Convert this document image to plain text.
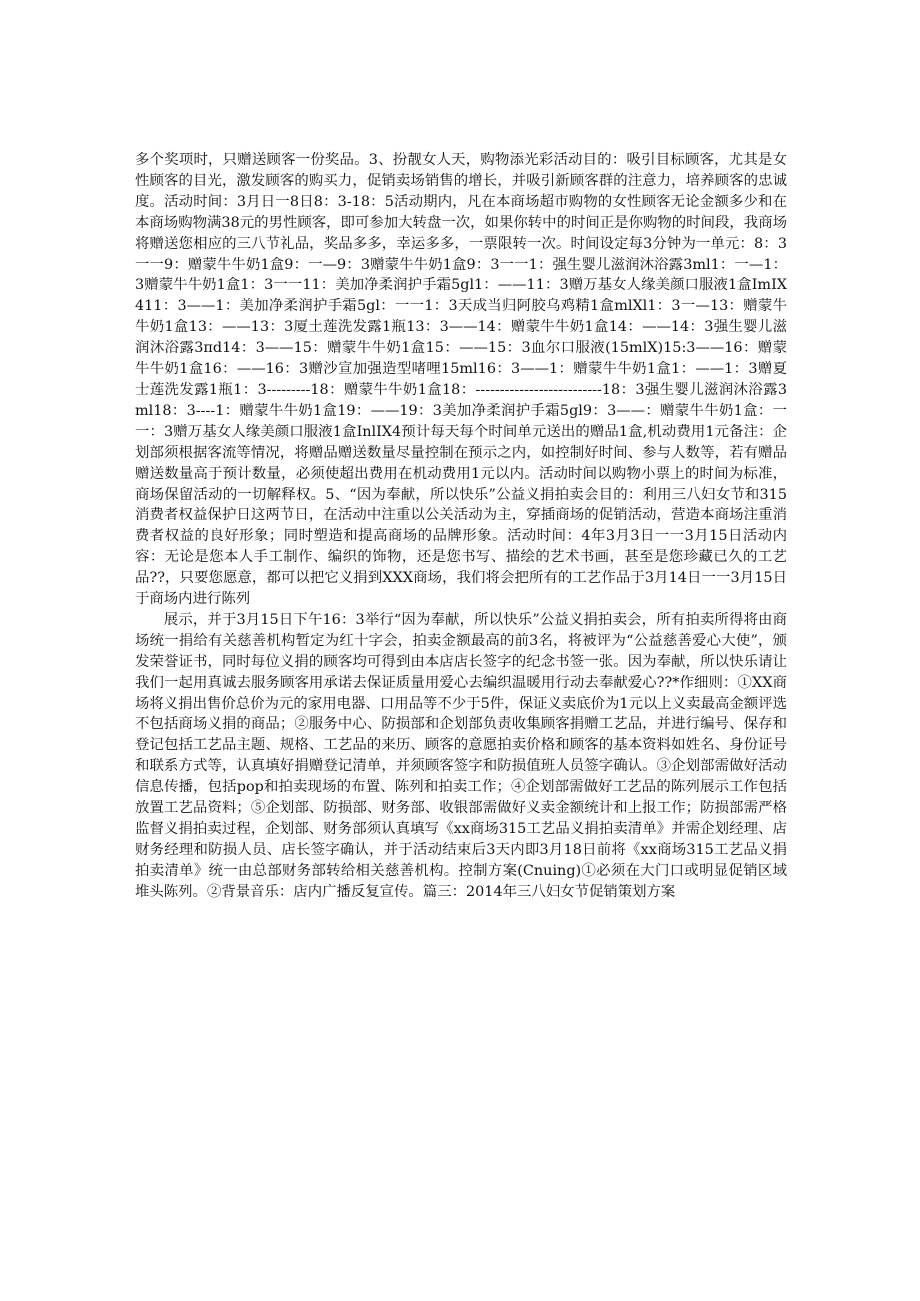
多个奖项时，只赠送顾客一份奖品。3、扮靓女人天，购物添光彩活动目的：吸引目标顾客，尤其是女性顾客的目光，激发顾客的购买力，促销卖场销售的增长，并吸引新顾客群的注意力，培养顾客的忠诚度。活动时间：3月日一8日8：3-18：5活动期内，凡在本商场超市购物的女性顾客无论金额多少和在本商场购物满38元的男性顾客，即可参加大转盘一次，如果你转中的时间正是你购物的时间段，我商场将赠送您相应的三八节礼品，奖品多多，幸运多多，一票限转一次。时间设定每3分钟为一单元：8：3一一9：赠蒙牛牛奶1盒9：一—9：3赠蒙牛牛奶1盒9：3一一1：强生婴儿滋润沐浴露3ml1：一—1：3赠蒙牛牛奶1盒1：3一一11：美加净柔润护手霜5gl1：——11：3赠万基女人缘美颜口服液1盒ImIX411：3——1：美加净柔润护手霜5gl：一一1：3天成当归阿胶乌鸡精1盒mlXl1：3一—13：赠蒙牛牛奶1盒13：——13：3厦土莲洗发露1瓶13：3——14：赠蒙牛牛奶1盒14：——14：3强生婴儿滋润沐浴露3πd14：3——15：赠蒙牛牛奶1盒15：——15：3血尔口服液(15mlX)15:3——16：赠蒙牛牛奶1盒16：——16：3赠沙宣加强造型啫哩15ml16：3——1：赠蒙牛牛奶1盒1：——1：3赠夏士莲洗发露1瓶1：3---------18：赠蒙牛牛奶1盒18：--------------------------18：3强生婴儿滋润沐浴露3ml18：3----1：赠蒙牛牛奶1盒19：——19：3美加净柔润护手霜5gl9：3——：赠蒙牛牛奶1盒：一一：3赠万基女人缘美颜口服液1盒InlIX4预计每天每个时间单元送出的赠品1盒,机动费用1元备注：企划部须根据客流等情况，将赠品赠送数量尽量控制在预示之内，如控制好时间、参与人数等，若有赠品赠送数量高于预计数量，必须使超出费用在机动费用1元以内。活动时间以购物小票上的时间为标准，商场保留活动的一切解释权。5、“因为奉献，所以快乐”公益义捐拍卖会目的：利用三八妇女节和315消费者权益保护日这两节日，在活动中注重以公关活动为主，穿插商场的促销活动，营造本商场注重消费者权益的良好形象；同时塑造和提高商场的品牌形象。活动时间：4年3月3日一一3月15日活动内容：无论是您本人手工制作、编织的饰物，还是您书写、描绘的艺术书画，甚至是您珍藏已久的工艺品??，只要您愿意，都可以把它义捐到XXX商场，我们将会把所有的工艺作品于3月14日一一3月15日于商场内进行陈列

展示，并于3月15日下午16：3举行“因为奉献，所以快乐”公益义捐拍卖会，所有拍卖所得将由商场统一捐给有关慈善机构暂定为红十字会，拍卖金额最高的前3名，将被评为“公益慈善爱心大使”，颁发荣誉证书，同时每位义捐的顾客均可得到由本店店长签字的纪念书签一张。因为奉献，所以快乐请让我们一起用真诚去服务顾客用承诺去保证质量用爱心去编织温暖用行动去奉献爱心??*作细则：①XX商场将义捐出售价总价为元的家用电器、口用品等不少于5件，保证义卖底价为1元以上义卖最高金额评选不包括商场义捐的商品；②服务中心、防损部和企划部负责收集顾客捐赠工艺品，并进行编号、保存和登记包括工艺品主题、规格、工艺品的来历、顾客的意愿拍卖价格和顾客的基本资料如姓名、身份证号和联系方式等，认真填好捐赠登记清单，并须顾客签字和防损值班人员签字确认。③企划部需做好活动信息传播，包括pop和拍卖现场的布置、陈列和拍卖工作；④企划部需做好工艺品的陈列展示工作包括放置工艺品资料；⑤企划部、防损部、财务部、收银部需做好义卖金额统计和上报工作；防损部需严格监督义捐拍卖过程，企划部、财务部须认真填写《xx商场315工艺品义捐拍卖清单》并需企划经理、店财务经理和防损人员、店长签字确认，并于活动结束后3天内即3月18日前将《xx商场315工艺品义捐拍卖清单》统一由总部财务部转给相关慈善机构。控制方案(Cnuing)①必须在大门口或明显促销区域堆头陈列。②背景音乐：店内广播反复宣传。篇三：2014年三八妇女节促销策划方案
